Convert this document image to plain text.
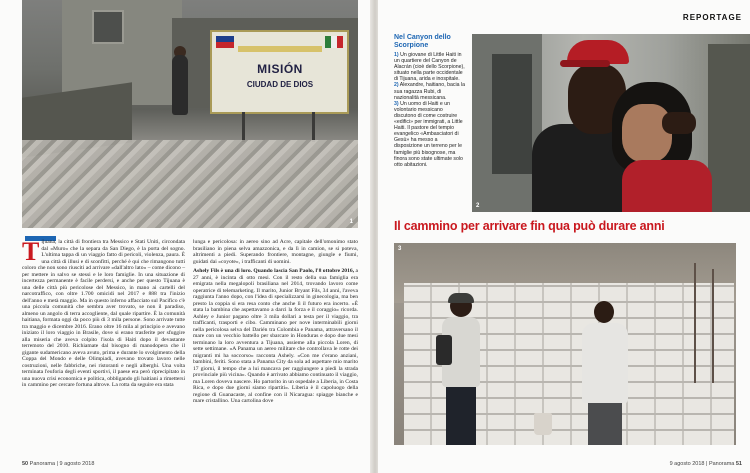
MISIÓN
CIUDAD DE DIOS
1

Tijuana, la città di frontiera tra Messico e Stati Uniti, circondata dal «Muro» che la separa da San Diego, è la porta del sogno. L'ultima tappa di un viaggio fatto di pericoli, violenza, paura. È una città di illusi e di sconfitti, perché è qui che rimangono tutti coloro che non sono riusciti ad arrivare «dall'altro lato» – come dicono – per mettere in salvo se stessi e le loro famiglie. In una situazione di incertezza permanente è facile perdersi, e anche per questo Tijuana è una delle città più pericolose del Messico, in mano ai cartelli del narcotraffico, con oltre 1.700 omicidi nel 2017 e 888 tra l'inizio dell'anno e metà maggio. Ma in questo inferno affacciato sul Pacifico c'è una piccola comunità che sembra aver trovato, se non il paradiso, almeno un angolo di terra accogliente, dal quale ripartire. È la comunità haitiana, formata oggi da poco più di 3 mila persone. Sono arrivate tutte tra maggio e dicembre 2016. Erano oltre 16 mila al principio e avevano iniziato il loro viaggio in Brasile, dove si erano trasferite per sfuggire alla miseria che aveva colpito l'isola di Haiti dopo il devastante terremoto del 2010. Richiamate dal bisogno di manodopera che il gigante sudamericano aveva avuto, prima e durante lo svolgimento della Coppa del Mondo e delle Olimpiadi, avevano trovato lavoro nelle costruzioni, nelle fabbriche, nei ristoranti e negli alberghi. Una volta terminata l'euforia degli eventi sportivi, il paese era però riprecipitato in una nuova crisi economica e politica, obbligando gli haitiani a rimettersi in cammino per cercare fortuna altrove. La rotta da seguire era stata

lunga e pericolosa: in aereo sino ad Acre, capitale dell'omonimo stato brasiliano in piena selva amazzonica, e da lì in camion, se si poteva, altrimenti a piedi. Superando frontiere, montagne, giungle e fiumi, guidati dai «coyote», i trafficanti di uomini.

Ashely Fils è una di loro. Quando lascia San Paolo, l'8 ottobre 2016, a 27 anni, è incinta di otto mesi. Con il resto della sua famiglia era emigrata nella megalopoli brasiliana nel 2014, trovando lavoro come operatrice di telemarketing. Il marito, Junior Bryant Fils, 34 anni, l'aveva raggiunta l'anno dopo, con l'idea di specializzarsi in ginecologia, ma ben presto la coppia si era resa conto che anche lì il futuro era incerto. «È stata la bambina che aspettavamo a darci la forza e il coraggio» ricorda. Ashley e Junior pagano oltre 3 mila dollari a testa per il viaggio, tra trafficanti, trasporti e cibo. Camminano per nove interminabili giorni nella pericolosa selva del Darién tra Colombia e Panama, attraversano il mare con un vecchio battello per sbarcare in Honduras e dopo due mesi terminano la loro avventura a Tijuana, assieme alla piccola Loren, di sette settimane. «A Panama un aereo militare che controllava le rotte dei migranti mi ha soccorso» racconta Ashely. «Con me c'erano anziani, bambini, feriti. Sono stata a Panama City da sola ad aspettare mio marito 17 giorni, il tempo che a lui mancava per raggiungere a piedi la strada provinciale più vicina». Quando è arrivato abbiamo continuato il viaggio, ma Loren doveva nascere. Ho partorito in un ospedale a Liberia, in Costa Rica, e dopo due giorni siamo ripartiti». Liberia è il capoluogo della regione di Guanacaste, al confine con il Nicaragua: spiagge bianche e mare cristallino. Una cartolina dove

50 Panorama | 9 agosto 2018
REPORTAGE
Nel Canyon dello Scorpione
1) Un giovane di Little Haiti in un quartiere del Canyon de Alacrán (cioè dello Scorpione), situato nella parte occidentale di Tijuana, arida e inospitale.
2) Alexandre, haitiano, bacia la sua ragazza Rubi, di nazionalità messicana.
3) Un uomo di Haiti e un volontario messicano discutono di come costruire «edifici» per immigrati, a Little Haiti. Il pastore del tempio evangelico «Ambasciatori di Gesù» ha messo a disposizione un terreno per le famiglie più bisognose, ma finora sono state ultimate solo otto abitazioni.
2
Il cammino per arrivare fin qua può durare anni
3
9 agosto 2018 | Panorama 51
